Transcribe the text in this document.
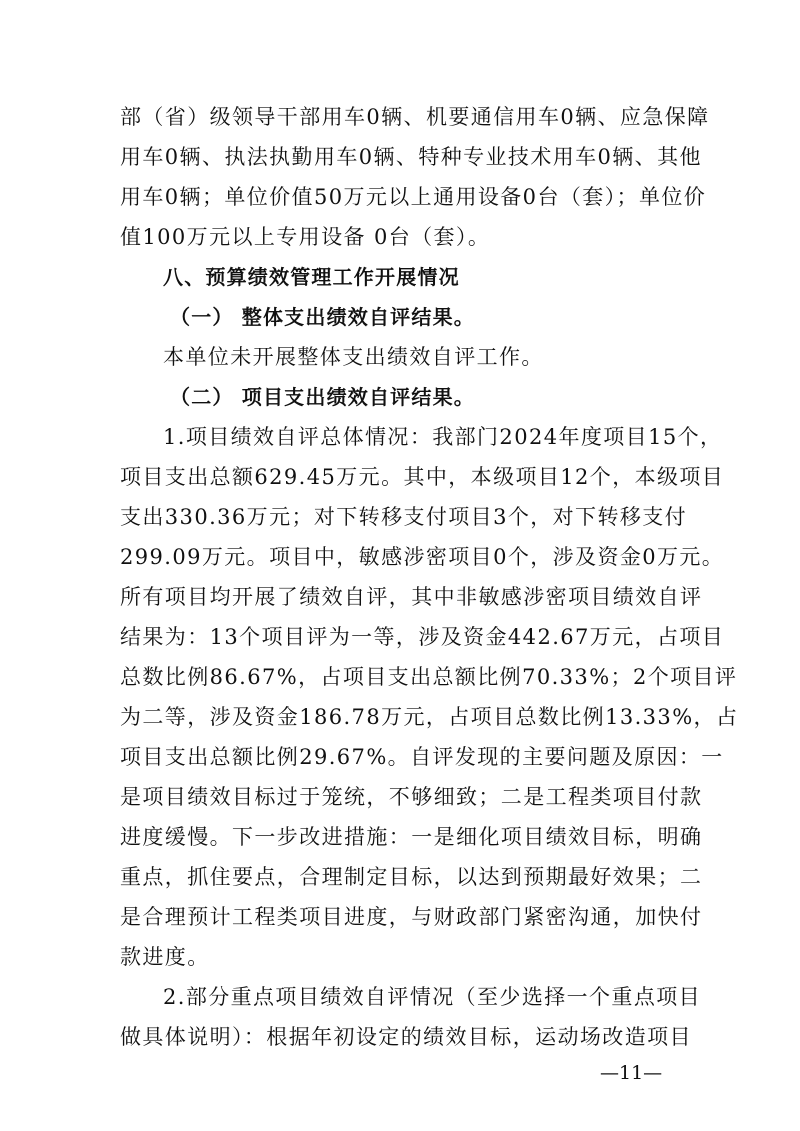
部（省）级领导干部用车0辆、机要通信用车0辆、应急保障
用车0辆、执法执勤用车0辆、特种专业技术用车0辆、其他
用车0辆；单位价值50万元以上通用设备0台（套）；单位价
值100万元以上专用设备 0台（套）。
八、预算绩效管理工作开展情况
（一） 整体支出绩效自评结果。
本单位未开展整体支出绩效自评工作。
（二） 项目支出绩效自评结果。
1.项目绩效自评总体情况：我部门2024年度项目15个，
项目支出总额629.45万元。其中，本级项目12个，本级项目
支出330.36万元；对下转移支付项目3个，对下转移支付
299.09万元。项目中，敏感涉密项目0个，涉及资金0万元。
所有项目均开展了绩效自评，其中非敏感涉密项目绩效自评
结果为：13个项目评为一等，涉及资金442.67万元，占项目
总数比例86.67%，占项目支出总额比例70.33%；2个项目评
为二等，涉及资金186.78万元，占项目总数比例13.33%，占
项目支出总额比例29.67%。自评发现的主要问题及原因：一
是项目绩效目标过于笼统，不够细致；二是工程类项目付款
进度缓慢。下一步改进措施：一是细化项目绩效目标，明确
重点，抓住要点，合理制定目标，以达到预期最好效果；二
是合理预计工程类项目进度，与财政部门紧密沟通，加快付
款进度。
2.部分重点项目绩效自评情况（至少选择一个重点项目
做具体说明）：根据年初设定的绩效目标，运动场改造项目
—11—
